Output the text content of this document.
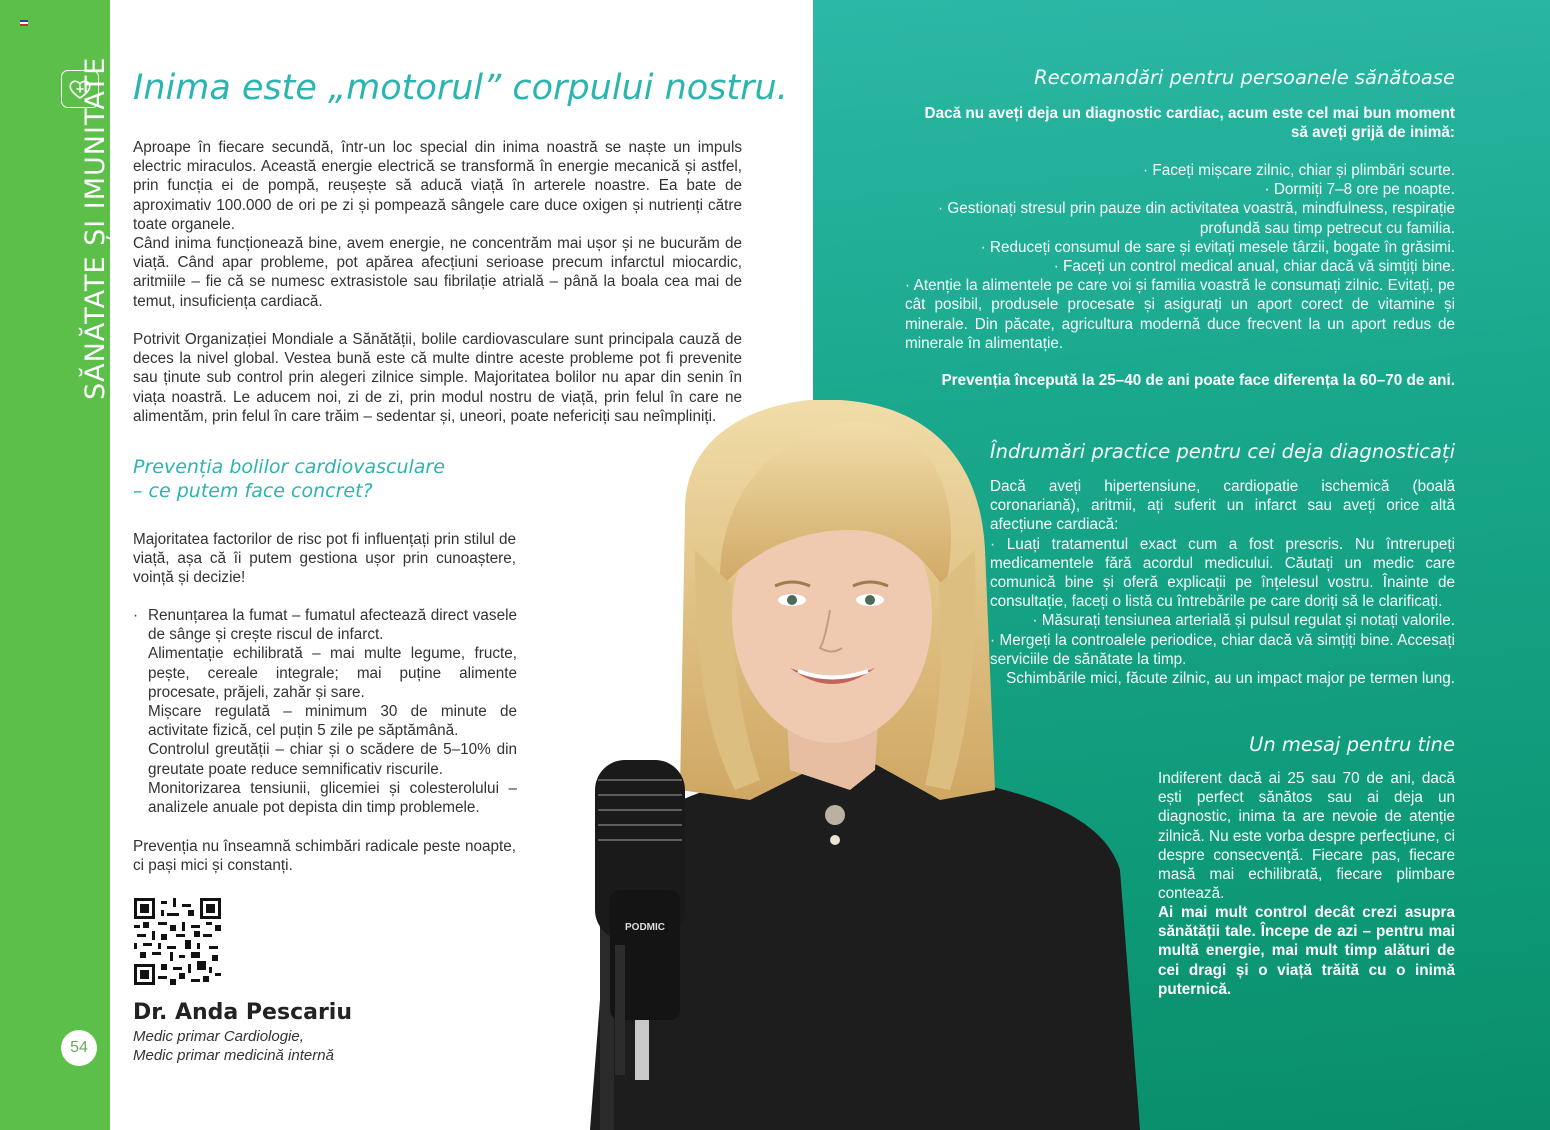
SĂNĂTATE ȘI IMUNITATE
54
Inima este „motorul” corpului nostru.

Aproape în fiecare secundă, într-un loc special din inima noastră se naște un impuls electric miraculos. Această energie electrică se transformă în energie mecanică și astfel, prin funcția ei de pompă, reușește să aducă viață în arterele noastre. Ea bate de aproximativ 100.000 de ori pe zi și pompează sângele care duce oxigen și nutrienți către toate organele.

Când inima funcționează bine, avem energie, ne concentrăm mai ușor și ne bucurăm de viață. Când apar probleme, pot apărea afecțiuni serioase precum infarctul miocardic, aritmiile – fie că se numesc extrasistole sau fibrilație atrială – până la boala cea mai de temut, insuficiența cardiacă.

Potrivit Organizației Mondiale a Sănătății, bolile cardiovasculare sunt principala cauză de deces la nivel global. Vestea bună este că multe dintre aceste probleme pot fi prevenite sau ținute sub control prin alegeri zilnice simple. Majoritatea bolilor nu apar din senin în viața noastră. Le aducem noi, zi de zi, prin modul nostru de viață, prin felul în care ne alimentăm, prin felul în care trăim – sedentar și, uneori, poate nefericiți sau neîmpliniți.

Prevenția bolilor cardiovasculare
– ce putem face concret?

Majoritatea factorilor de risc pot fi influențați prin stilul de viață, așa că îi putem gestiona ușor prin cunoaștere, voință și decizie!

· Renunțarea la fumat – fumatul afectează direct vasele de sânge și crește riscul de infarct.

Alimentație echilibrată – mai multe legume, fructe, pește, cereale integrale; mai puține alimente procesate, prăjeli, zahăr și sare.

Mișcare regulată – minimum 30 de minute de activitate fizică, cel puțin 5 zile pe săptămână.

Controlul greutății – chiar și o scădere de 5–10% din greutate poate reduce semnificativ riscurile.

Monitorizarea tensiunii, glicemiei și colesterolului – analizele anuale pot depista din timp problemele.

Prevenția nu înseamnă schimbări radicale peste noapte, ci pași mici și constanți.

Dr. Anda Pescariu
Medic primar Cardiologie,
Medic primar medicină internă
PODMIC
Recomandări pentru persoanele sănătoase

Dacă nu aveți deja un diagnostic cardiac, acum este cel mai bun moment să aveți grijă de inimă:

· Faceți mișcare zilnic, chiar și plimbări scurte.
· Dormiți 7–8 ore pe noapte.
· Gestionați stresul prin pauze din activitatea voastră, mindfulness, respirație profundă sau timp petrecut cu familia.
· Reduceți consumul de sare și evitați mesele târzii, bogate în grăsimi.
· Faceți un control medical anual, chiar dacă vă simțiți bine.
· Atenție la alimentele pe care voi și familia voastră le consumați zilnic. Evitați, pe cât posibil, produsele procesate și asigurați un aport corect de vitamine și minerale. Din păcate, agricultura modernă duce frecvent la un aport redus de minerale în alimentație.

Prevenția începută la 25–40 de ani poate face diferența la 60–70 de ani.

Îndrumări practice pentru cei deja diagnosticați
Dacă aveți hipertensiune, cardiopatie ischemică (boală coronariană), aritmii, ați suferit un infarct sau aveți orice altă afecțiune cardiacă:
· Luați tratamentul exact cum a fost prescris. Nu întrerupeți medicamentele fără acordul medicului. Căutați un medic care comunică bine și oferă explicații pe înțelesul vostru. Înainte de consultație, faceți o listă cu întrebările pe care doriți să le clarificați.
· Măsurați tensiunea arterială și pulsul regulat și notați valorile.
· Mergeți la controalele periodice, chiar dacă vă simțiți bine. Accesați serviciile de sănătate la timp.
Schimbările mici, făcute zilnic, au un impact major pe termen lung.
Un mesaj pentru tine

Indiferent dacă ai 25 sau 70 de ani, dacă ești perfect sănătos sau ai deja un diagnostic, inima ta are nevoie de atenție zilnică. Nu este vorba despre perfecțiune, ci despre consecvență. Fiecare pas, fiecare masă mai echilibrată, fiecare plimbare contează.

Ai mai mult control decât crezi asupra sănătății tale. Începe de azi – pentru mai multă energie, mai mult timp alături de cei dragi și o viață trăită cu o inimă puternică.
